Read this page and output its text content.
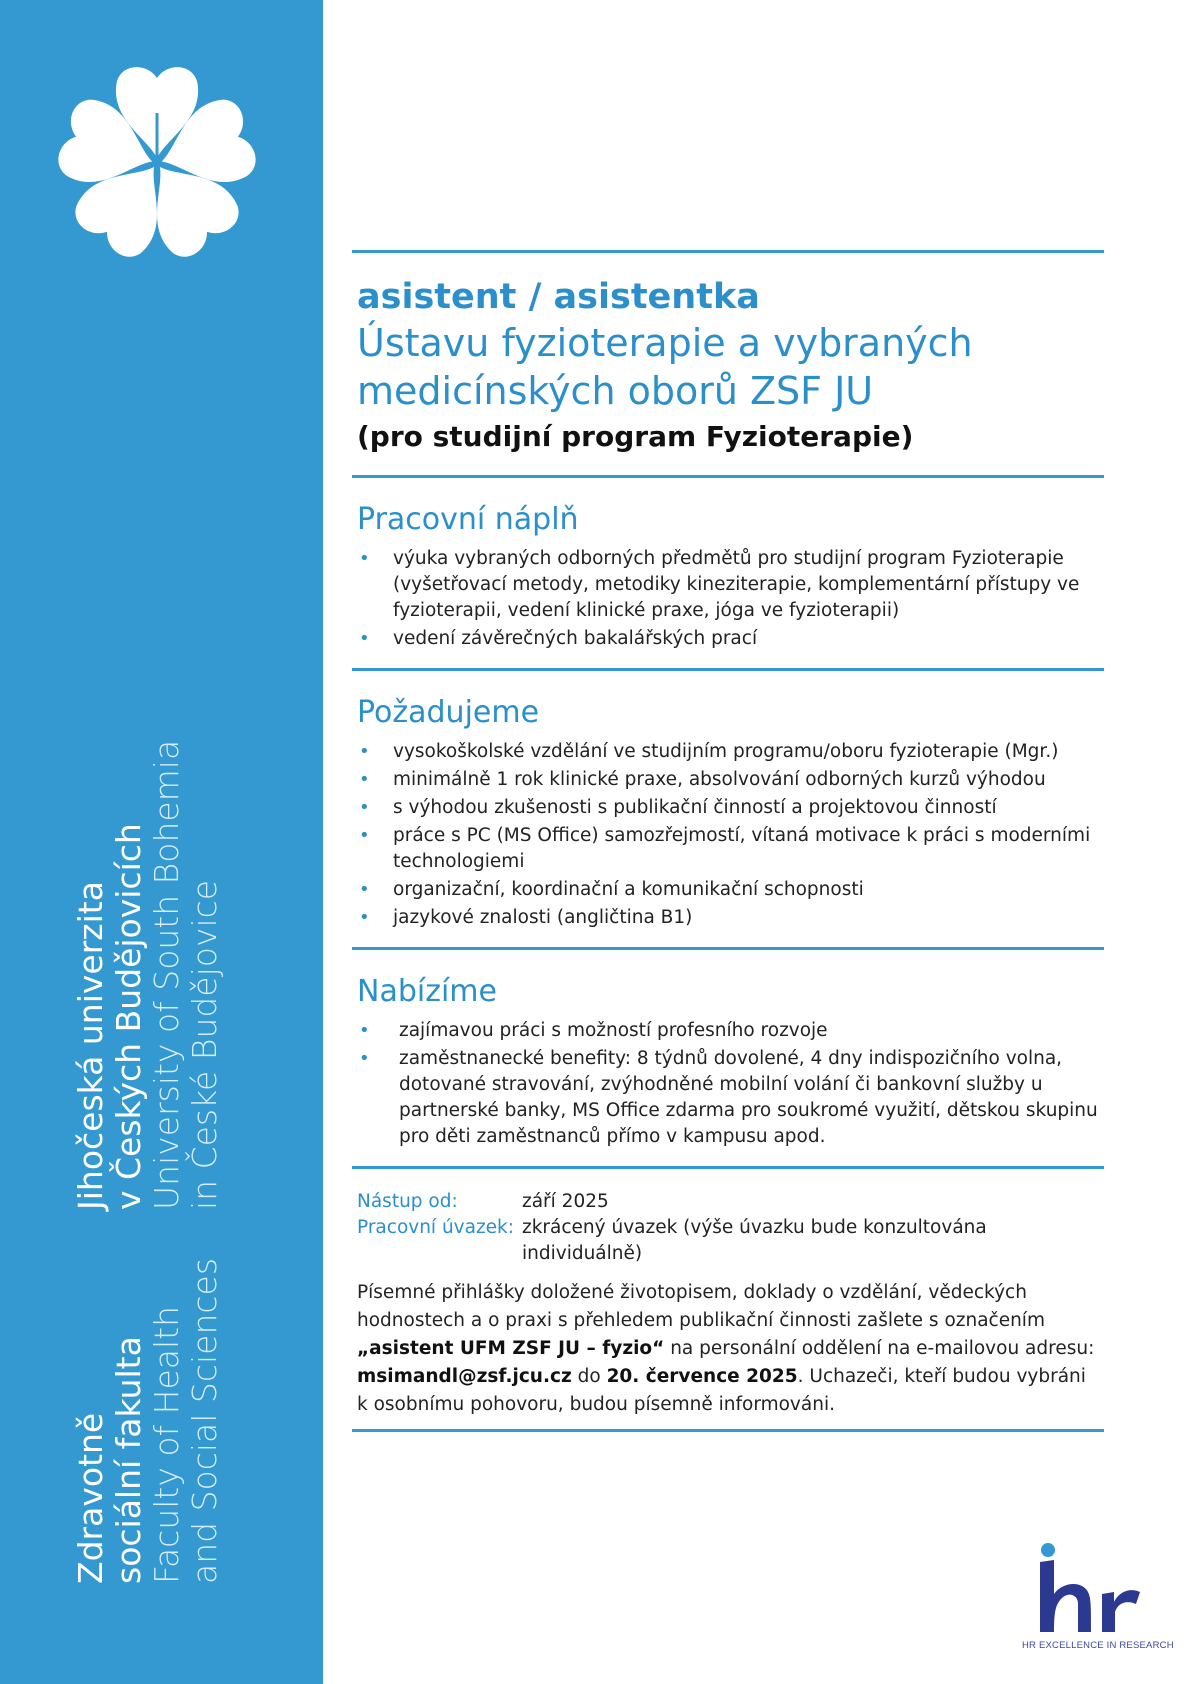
Zdravotně sociální fakulta Faculty of Health and Social Sciences
Jihočeská univerzita v Českých Budějovicích University of South Bohemia in České Budějovice
asistent / asistentka
Ústavu fyzioterapie a vybraných
medicínských oborů ZSF JU
(pro studijní program Fyzioterapie)
Pracovní náplň
• výuka vybraných odborných předmětů pro studijní program Fyzioterapie (vyšetřovací metody, metodiky kineziterapie, komplementární přístupy ve fyzioterapii, vedení klinické praxe, jóga ve fyzioterapii)
• vedení závěrečných bakalářských prací
Požadujeme
• vysokoškolské vzdělání ve studijním programu/oboru fyzioterapie (Mgr.)
• minimálně 1 rok klinické praxe, absolvování odborných kurzů výhodou
• s výhodou zkušenosti s publikační činností a projektovou činností
• práce s PC (MS Office) samozřejmostí, vítaná motivace k práci s moderními technologiemi
• organizační, koordinační a komunikační schopnosti
• jazykové znalosti (angličtina B1)
Nabízíme
• zajímavou práci s možností profesního rozvoje
• zaměstnanecké benefity: 8 týdnů dovolené, 4 dny indispozičního volna, dotované stravování, zvýhodněné mobilní volání či bankovní služby u partnerské banky, MS Office zdarma pro soukromé využití, dětskou skupinu pro děti zaměstnanců přímo v kampusu apod.
Nástup od:	září 2025
Pracovní úvazek: zkrácený úvazek (výše úvazku bude konzultována individuálně)
Písemné přihlášky doložené životopisem, doklady o vzdělání, vědeckých hodnostech a o praxi s přehledem publikační činnosti zašlete s označením „asistent UFM ZSF JU – fyzio“ na personální oddělení na e-mailovou adresu: msimandl@zsf.jcu.cz do 20. července 2025. Uchazeči, kteří budou vybráni k osobnímu pohovoru, budou písemně informováni.
HR EXCELLENCE IN RESEARCH
